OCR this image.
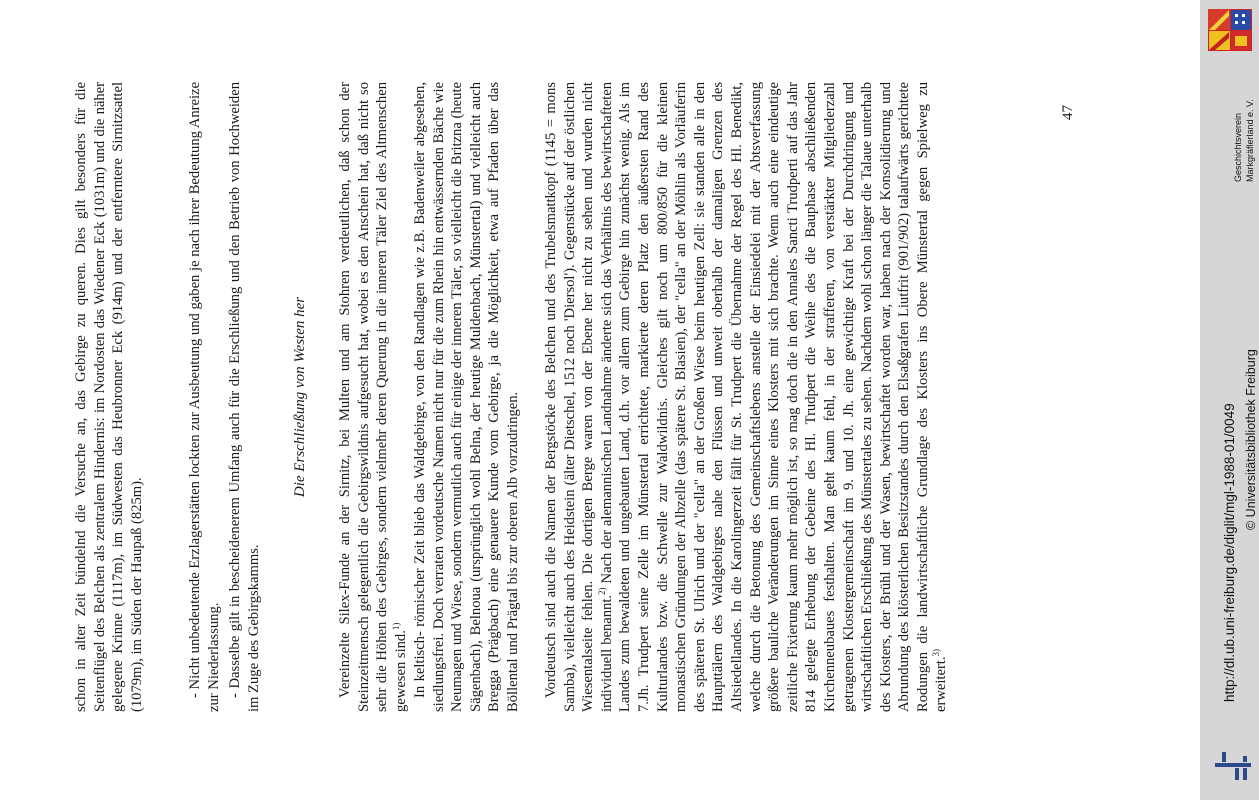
schon in alter Zeit bündelnd die Versuche an, das Gebirge zu queren. Dies gilt besonders für die Seitenflügel des Belchen als zentralem Hindernis: im Nordosten das Wiedener Eck (1031m) und die näher gelegene Krinne (1117m), im Südwesten das Heubronner Eck (914m) und der entferntere Sirnitzsattel (1079m), im Süden der Haupaß (825m).	- Nicht unbedeutende Erzlagerstätten lockten zur Ausbeutung und gaben je nach ihrer Bedeutung Anreize zur Niederlassung. - Dasselbe gilt in bescheidenerem Umfang auch für die Erschließung und den Betrieb von Hochweiden im Zuge des Gebirgskamms.

Die Erschließung von Westen her Vereinzelte Silex-Funde an der Sirnitz, bei Multen und am Stohren verdeutlichen, daß schon der Steinzeitmensch gelegentlich die Gebirgswildnis aufgesucht hat, wobei es den Anschein hat, daß nicht so sehr die Höhen des Gebirges, sondern vielmehr deren Querung in die inneren Täler Ziel des Altmenschen gewesen sind.$^{1)}$ In keltisch- römischer Zeit blieb das Waldgebirge, von den Randlagen wie z.B. Badenweiler abgesehen, siedlungsfrei. Doch verraten vordeutsche Namen nicht nur für die zum Rhein hin entwässernden Bäche wie Neumagen und Wiese, sondern vermutlich auch für einige der inneren Täler, so vielleicht die Britzna (heute Sägenbach), Belnoua (ursprünglich wohl Belna, der heutige Muldenbach, Münstertal) und vielleicht auch Bregga (Prägbach) eine genauere Kunde vom Gebirge, ja die Möglichkeit, etwa auf Pfaden über das Böllental und Prägtal bis zur oberen Alb vorzudringen. Vordeutsch sind auch die Namen der Bergstöcke des Belchen und des Trubelsmattkopf (1145 = mons Samba), vielleicht auch des Heidstein (älter Dietschel, 1512 noch 'Diersol'). Gegenstücke auf der östlichen Wiesentalseite fehlen. Die dortigen Berge waren von der Ebene her nicht zu sehen und wurden nicht individuell benannt.$^{2)}$ Nach der alemannischen Landnahme änderte sich das Verhältnis des bewirtschafteten Landes zum bewaldeten und ungebauten Land, d.h. vor allem zum Gebirge hin zunächst wenig. Als im 7.Jh. Trudpert seine Zelle im Münstertal errichtete, markierte deren Platz den äußersten Rand des Kulturlandes bzw. die Schwelle zur Waldwildnis. Gleiches gilt noch um 800/850 für die kleinen monastischen Gründungen der Albzelle (das spätere St. Blasien), der "cella" an der Möhlin als Vorläuferin des späteren St. Ulrich und der "cella" an der Großen Wiese beim heutigen Zell: sie standen alle in den Haupttälern des Waldgebirges nahe den Flüssen und unweit oberhalb der damaligen Grenzen des Altsiedellandes. In die Karolingerzeit fällt für St. Trudpert die Übernahme der Regel des Hl. Benedikt, welche durch die Betonung des Gemeinschaftslebens anstelle der Einsiedelei mit der Abtsverfassung größere bauliche Veränderungen im Sinne eines Klosters mit sich brachte. Wenn auch eine eindeutige zeitliche Fixierung kaum mehr möglich ist, so mag doch die in den Annales Sancti Trudperti auf das Jahr 814 gelegte Erhebung der Gebeine des Hl. Trudpert die Weihe des die Bauphase abschließenden Kirchenneubaues festhalten. Man geht kaum fehl, in der strafferen, von verstärkter Mitgliederzahl getragenen Klostergemeinschaft im 9. und 10. Jh. eine gewichtige Kraft bei der Durchdringung und wirtschaftlichen Erschließung des Münstertales zu sehen. Nachdem wohl schon länger die Talaue unterhalb des Klosters, der Brühl und der Wasen, bewirtschaftet worden war, haben nach der Konsolidierung und Abrundung des klösterlichen Besitzstandes durch den Elsaßgrafen Liutfrit (901/902) talaufwärts gerichtete Rodungen die landwirtschaftliche Grundlage des Klosters ins Obere Münstertal gegen Spielweg zu erweitert.$^{3)}$

47
Geschichtsverein Markgräflerland e. V.
http://dl.ub.uni-freiburg.de/diglit/mgl-1988-01/0049 © Universitätsbibliothek Freiburg
